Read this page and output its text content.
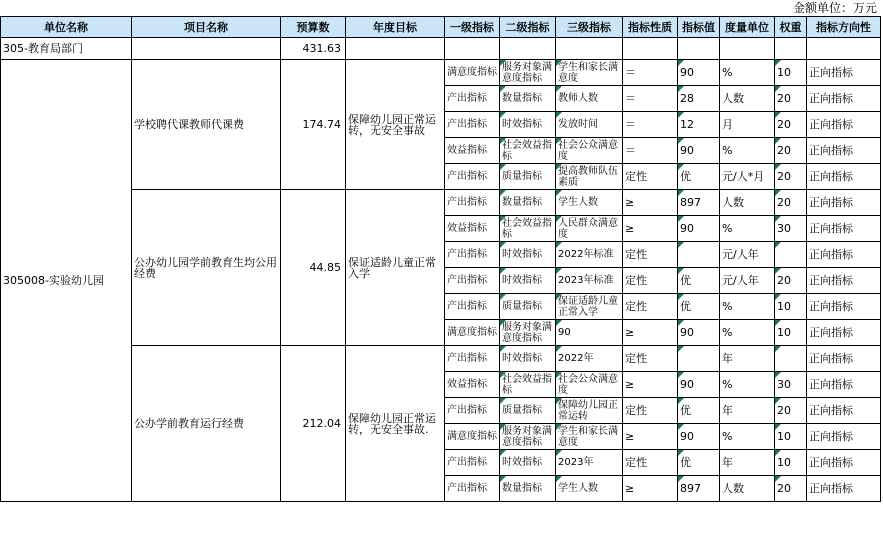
金额单位：万元
单位名称	项目名称	预算数	年度目标	一级指标	二级指标	三级指标	指标性质	指标值	度量单位	权重	指标方向性
305-教育局部门		431.63									
305008-实验幼儿园	学校聘代课教师代课费	174.74	保障幼儿园正常运转，无安全事故	满意度指标	服务对象满意度指标	学生和家长满意度	＝	90	%	10	正向指标
				产出指标	数量指标	教师人数	＝	28	人数	20	正向指标
				产出指标	时效指标	发放时间	＝	12	月	20	正向指标
				效益指标	社会效益指标	社会公众满意度	＝	90	%	20	正向指标
				产出指标	质量指标	提高教师队伍素质	定性	优	元/人*月	20	正向指标
	公办幼儿园学前教育生均公用经费	44.85	保证适龄儿童正常入学	产出指标	数量指标	学生人数	≥	897	人数	20	正向指标
				效益指标	社会效益指标	人民群众满意度	≥	90	%	30	正向指标
				产出指标	时效指标	2022年标准	定性		元/人年		正向指标
				产出指标	时效指标	2023年标准	定性	优	元/人年	20	正向指标
				产出指标	质量指标	保证适龄儿童正常入学	定性	优	%	10	正向指标
				满意度指标	服务对象满意度指标	90	≥	90	%	10	正向指标
	公办学前教育运行经费	212.04	保障幼儿园正常运转，无安全事故.	产出指标	时效指标	2022年	定性		年		正向指标
				效益指标	社会效益指标	社会公众满意度	≥	90	%	30	正向指标
				产出指标	质量指标	保障幼儿园正常运转	定性	优	年	20	正向指标
				满意度指标	服务对象满意度指标	学生和家长满意度	≥	90	%	10	正向指标
				产出指标	时效指标	2023年	定性	优	年	10	正向指标
				产出指标	数量指标	学生人数	≥	897	人数	20	正向指标
